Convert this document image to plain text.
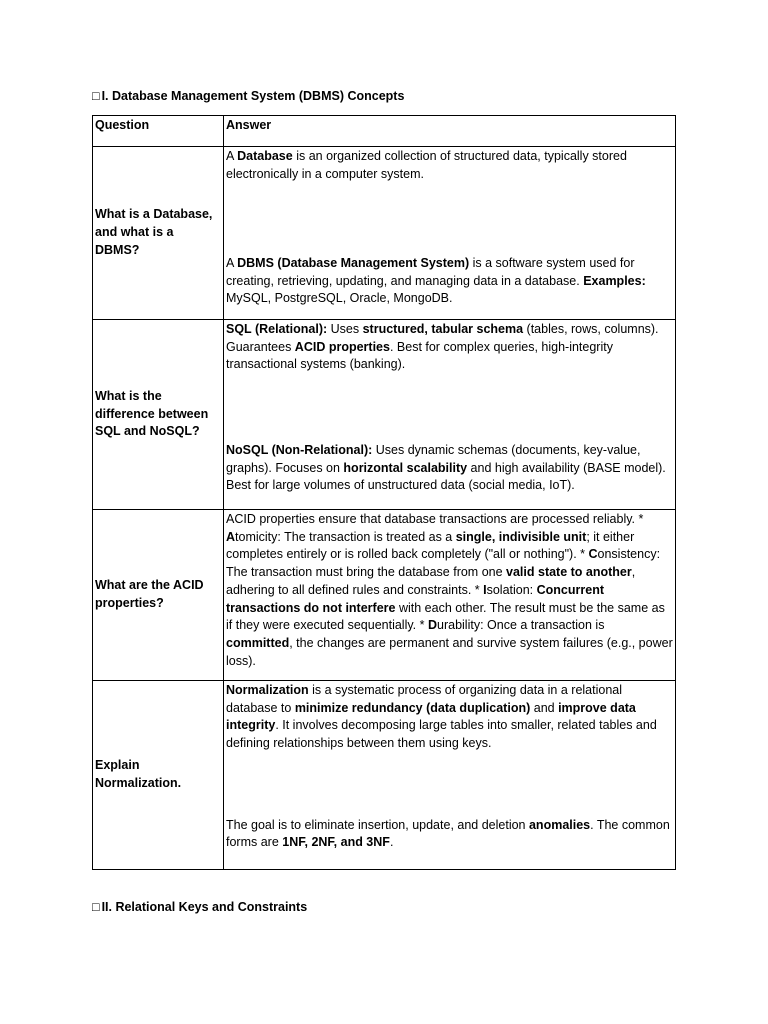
□ I. Database Management System (DBMS) Concepts
Question	Answer
What is a Database, and what is a DBMS?	A Database is an organized collection of structured data, typically stored electronically in a computer system.
A DBMS (Database Management System) is a software system used for creating, retrieving, updating, and managing data in a database. Examples: MySQL, PostgreSQL, Oracle, MongoDB.

What is the difference between SQL and NoSQL?	SQL (Relational): Uses structured, tabular schema (tables, rows, columns). Guarantees ACID properties. Best for complex queries, high-integrity transactional systems (banking).
NoSQL (Non-Relational): Uses dynamic schemas (documents, key-value, graphs). Focuses on horizontal scalability and high availability (BASE model). Best for large volumes of unstructured data (social media, IoT).

What are the ACID properties?	ACID properties ensure that database transactions are processed reliably. * Atomicity: The transaction is treated as a single, indivisible unit; it either completes entirely or is rolled back completely ("all or nothing"). * Consistency: The transaction must bring the database from one valid state to another, adhering to all defined rules and constraints. * Isolation: Concurrent transactions do not interfere with each other. The result must be the same as if they were executed sequentially. * Durability: Once a transaction is committed, the changes are permanent and survive system failures (e.g., power loss).

Explain Normalization.	Normalization is a systematic process of organizing data in a relational database to minimize redundancy (data duplication) and improve data integrity. It involves decomposing large tables into smaller, related tables and defining relationships between them using keys.
The goal is to eliminate insertion, update, and deletion anomalies. The common forms are 1NF, 2NF, and 3NF.
□ II. Relational Keys and Constraints
